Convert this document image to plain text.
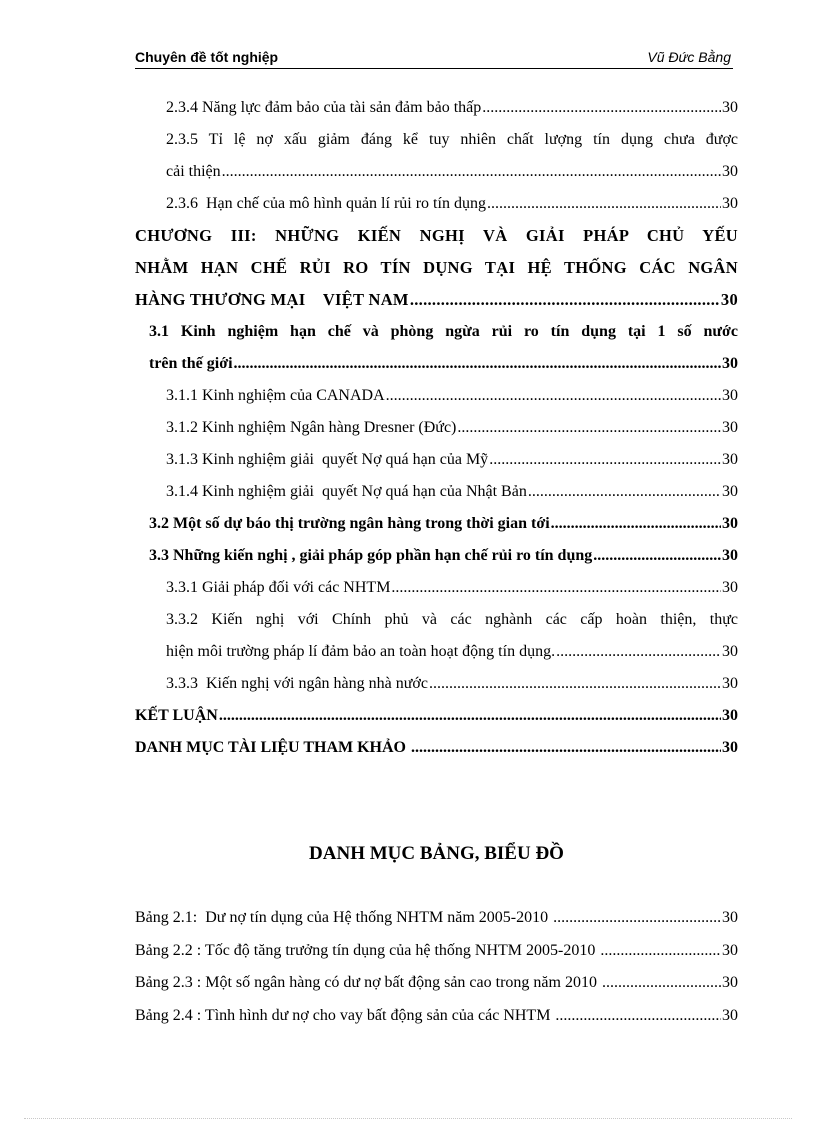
Chuyên đề tốt nghiệp	Vũ Đức Bằng
2.3.4 Năng lực đảm bảo của tài sản đảm bảo thấp .....	30
2.3.5 Tỉ lệ nợ xấu giảm đáng kể tuy nhiên chất lượng tín dụng chưa được
cải thiện .....	30
2.3.6  Hạn chế của mô hình quản lí rủi ro tín dụng .....	30
CHƯƠNG III: NHỮNG KIẾN NGHỊ VÀ GIẢI PHÁP CHỦ YẾU
NHẰM HẠN CHẾ RỦI RO TÍN DỤNG TẠI HỆ THỐNG CÁC NGÂN
HÀNG THƯƠNG MẠI    VIỆT NAM .....	30
3.1 Kinh nghiệm hạn chế và phòng ngừa rủi ro tín dụng tại 1 số nước
trên thế giới .....	30
3.1.1 Kinh nghiệm của CANADA .....	30
3.1.2 Kinh nghiệm Ngân hàng Dresner (Đức) .....	30
3.1.3 Kinh nghiệm giải  quyết Nợ quá hạn của Mỹ .....	30
3.1.4 Kinh nghiệm giải  quyết Nợ quá hạn của Nhật Bản .....	30
3.2 Một số dự báo thị trường ngân hàng trong thời gian tới .....	30
3.3 Những kiến nghị , giải pháp góp phần hạn chế rủi ro tín dụng .....	30
3.3.1 Giải pháp đối với các NHTM .....	30
3.3.2 Kiến nghị với Chính phủ và các nghành các cấp hoàn thiện, thực
hiện môi trường pháp lí đảm bảo an toàn hoạt động tín dụng. .....	30
3.3.3  Kiến nghị với ngân hàng nhà nước .....	30
KẾT LUẬN .....	30
DANH MỤC TÀI LIỆU THAM KHẢO .....	30
DANH MỤC BẢNG, BIỂU ĐỒ
Bảng 2.1:  Dư nợ tín dụng của Hệ thống NHTM năm 2005-2010 .....	30
Bảng 2.2 : Tốc độ tăng trưởng tín dụng của hệ thống NHTM 2005-2010 .....	30
Bảng 2.3 : Một số ngân hàng có dư nợ bất động sản cao trong năm 2010 .....	30
Bảng 2.4 : Tình hình dư nợ cho vay bất động sản của các NHTM .....	30
